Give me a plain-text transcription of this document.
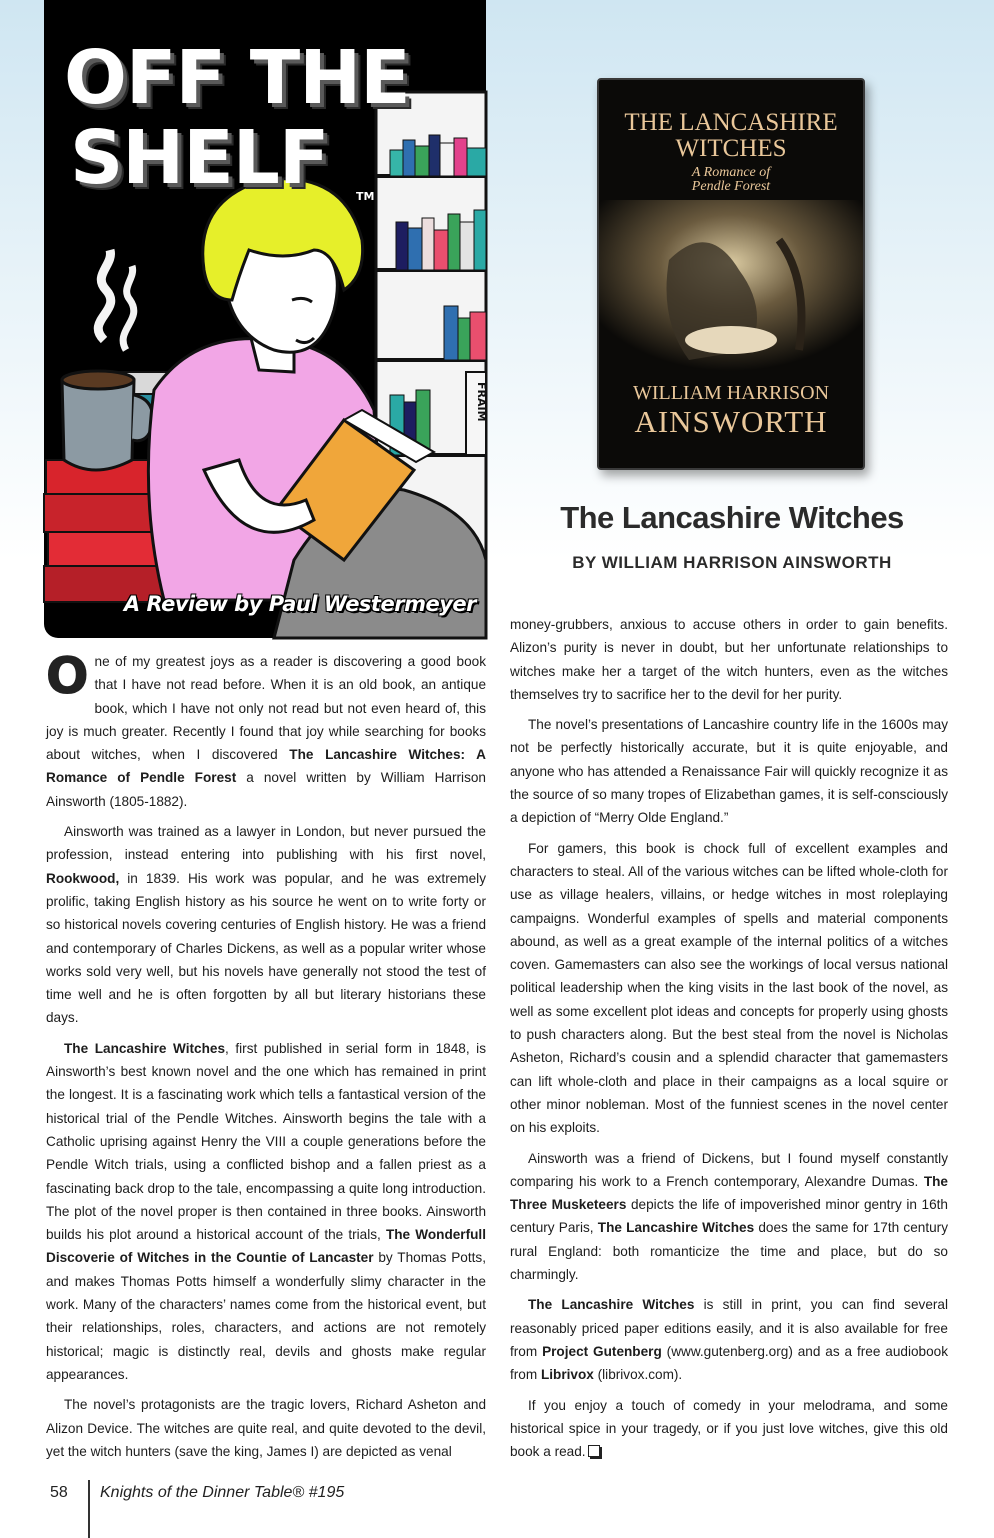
FRAIM
OFF THE
SHELF	TM
A Review by Paul Westermeyer
THE LANCASHIRE
WITCHES
A Romance of
Pendle Forest
WILLIAM HARRISON
AINSWORTH
The Lancashire Witches
BY WILLIAM HARRISON AINSWORTH

One of my greatest joys as a reader is discovering a good book that I have not read before. When it is an old book, an antique book, which I have not only not read but not even heard of, this joy is much greater. Recently I found that joy while searching for books about witches, when I discovered The Lancashire Witches: A Romance of Pendle Forest a novel written by William Harrison Ainsworth (1805-1882).

Ainsworth was trained as a lawyer in London, but never pursued the profession, instead entering into publishing with his first novel, Rookwood, in 1839. His work was popular, and he was extremely prolific, taking English history as his source he went on to write forty or so historical novels covering centuries of English history. He was a friend and contemporary of Charles Dickens, as well as a popular writer whose works sold very well, but his novels have generally not stood the test of time well and he is often forgotten by all but literary historians these days.

The Lancashire Witches, first published in serial form in 1848, is Ainsworth’s best known novel and the one which has remained in print the longest. It is a fascinating work which tells a fantastical version of the historical trial of the Pendle Witches. Ainsworth begins the tale with a Catholic uprising against Henry the VIII a couple generations before the Pendle Witch trials, using a conflicted bishop and a fallen priest as a fascinating back drop to the tale, encompassing a quite long introduction. The plot of the novel proper is then contained in three books. Ainsworth builds his plot around a historical account of the trials, The Wonderfull Discoverie of Witches in the Countie of Lancaster by Thomas Potts, and makes Thomas Potts himself a wonderfully slimy character in the work. Many of the characters’ names come from the historical event, but their relationships, roles, characters, and actions are not remotely historical; magic is distinctly real, devils and ghosts make regular appearances.

The novel’s protagonists are the tragic lovers, Richard Asheton and Alizon Device. The witches are quite real, and quite devoted to the devil, yet the witch hunters (save the king, James I) are depicted as venal

money-grubbers, anxious to accuse others in order to gain benefits. Alizon’s purity is never in doubt, but her unfortunate relationships to witches make her a target of the witch hunters, even as the witches themselves try to sacrifice her to the devil for her purity.

The novel’s presentations of Lancashire country life in the 1600s may not be perfectly historically accurate, but it is quite enjoyable, and anyone who has attended a Renaissance Fair will quickly recognize it as the source of so many tropes of Elizabethan games, it is self-consciously a depiction of “Merry Olde England.”

For gamers, this book is chock full of excellent examples and characters to steal. All of the various witches can be lifted whole-cloth for use as village healers, villains, or hedge witches in most roleplaying campaigns. Wonderful examples of spells and material components abound, as well as a great example of the internal politics of a witches coven. Gamemasters can also see the workings of local versus national political leadership when the king visits in the last book of the novel, as well as some excellent plot ideas and concepts for properly using ghosts to push characters along. But the best steal from the novel is Nicholas Asheton, Richard’s cousin and a splendid character that gamemasters can lift whole-cloth and place in their campaigns as a local squire or other minor nobleman. Most of the funniest scenes in the novel center on his exploits.

Ainsworth was a friend of Dickens, but I found myself constantly comparing his work to a French contemporary, Alexandre Dumas. The Three Musketeers depicts the life of impoverished minor gentry in 16th century Paris, The Lancashire Witches does the same for 17th century rural England: both romanticize the time and place, but do so charmingly.

The Lancashire Witches is still in print, you can find several reasonably priced paper editions easily, and it is also available for free from Project Gutenberg (www.gutenberg.org) and as a free audiobook from Librivox (librivox.com).

If you enjoy a touch of comedy in your melodrama, and some historical spice in your tragedy, or if you just love witches, give this old book a read.

58 Knights of the Dinner Table® #195
